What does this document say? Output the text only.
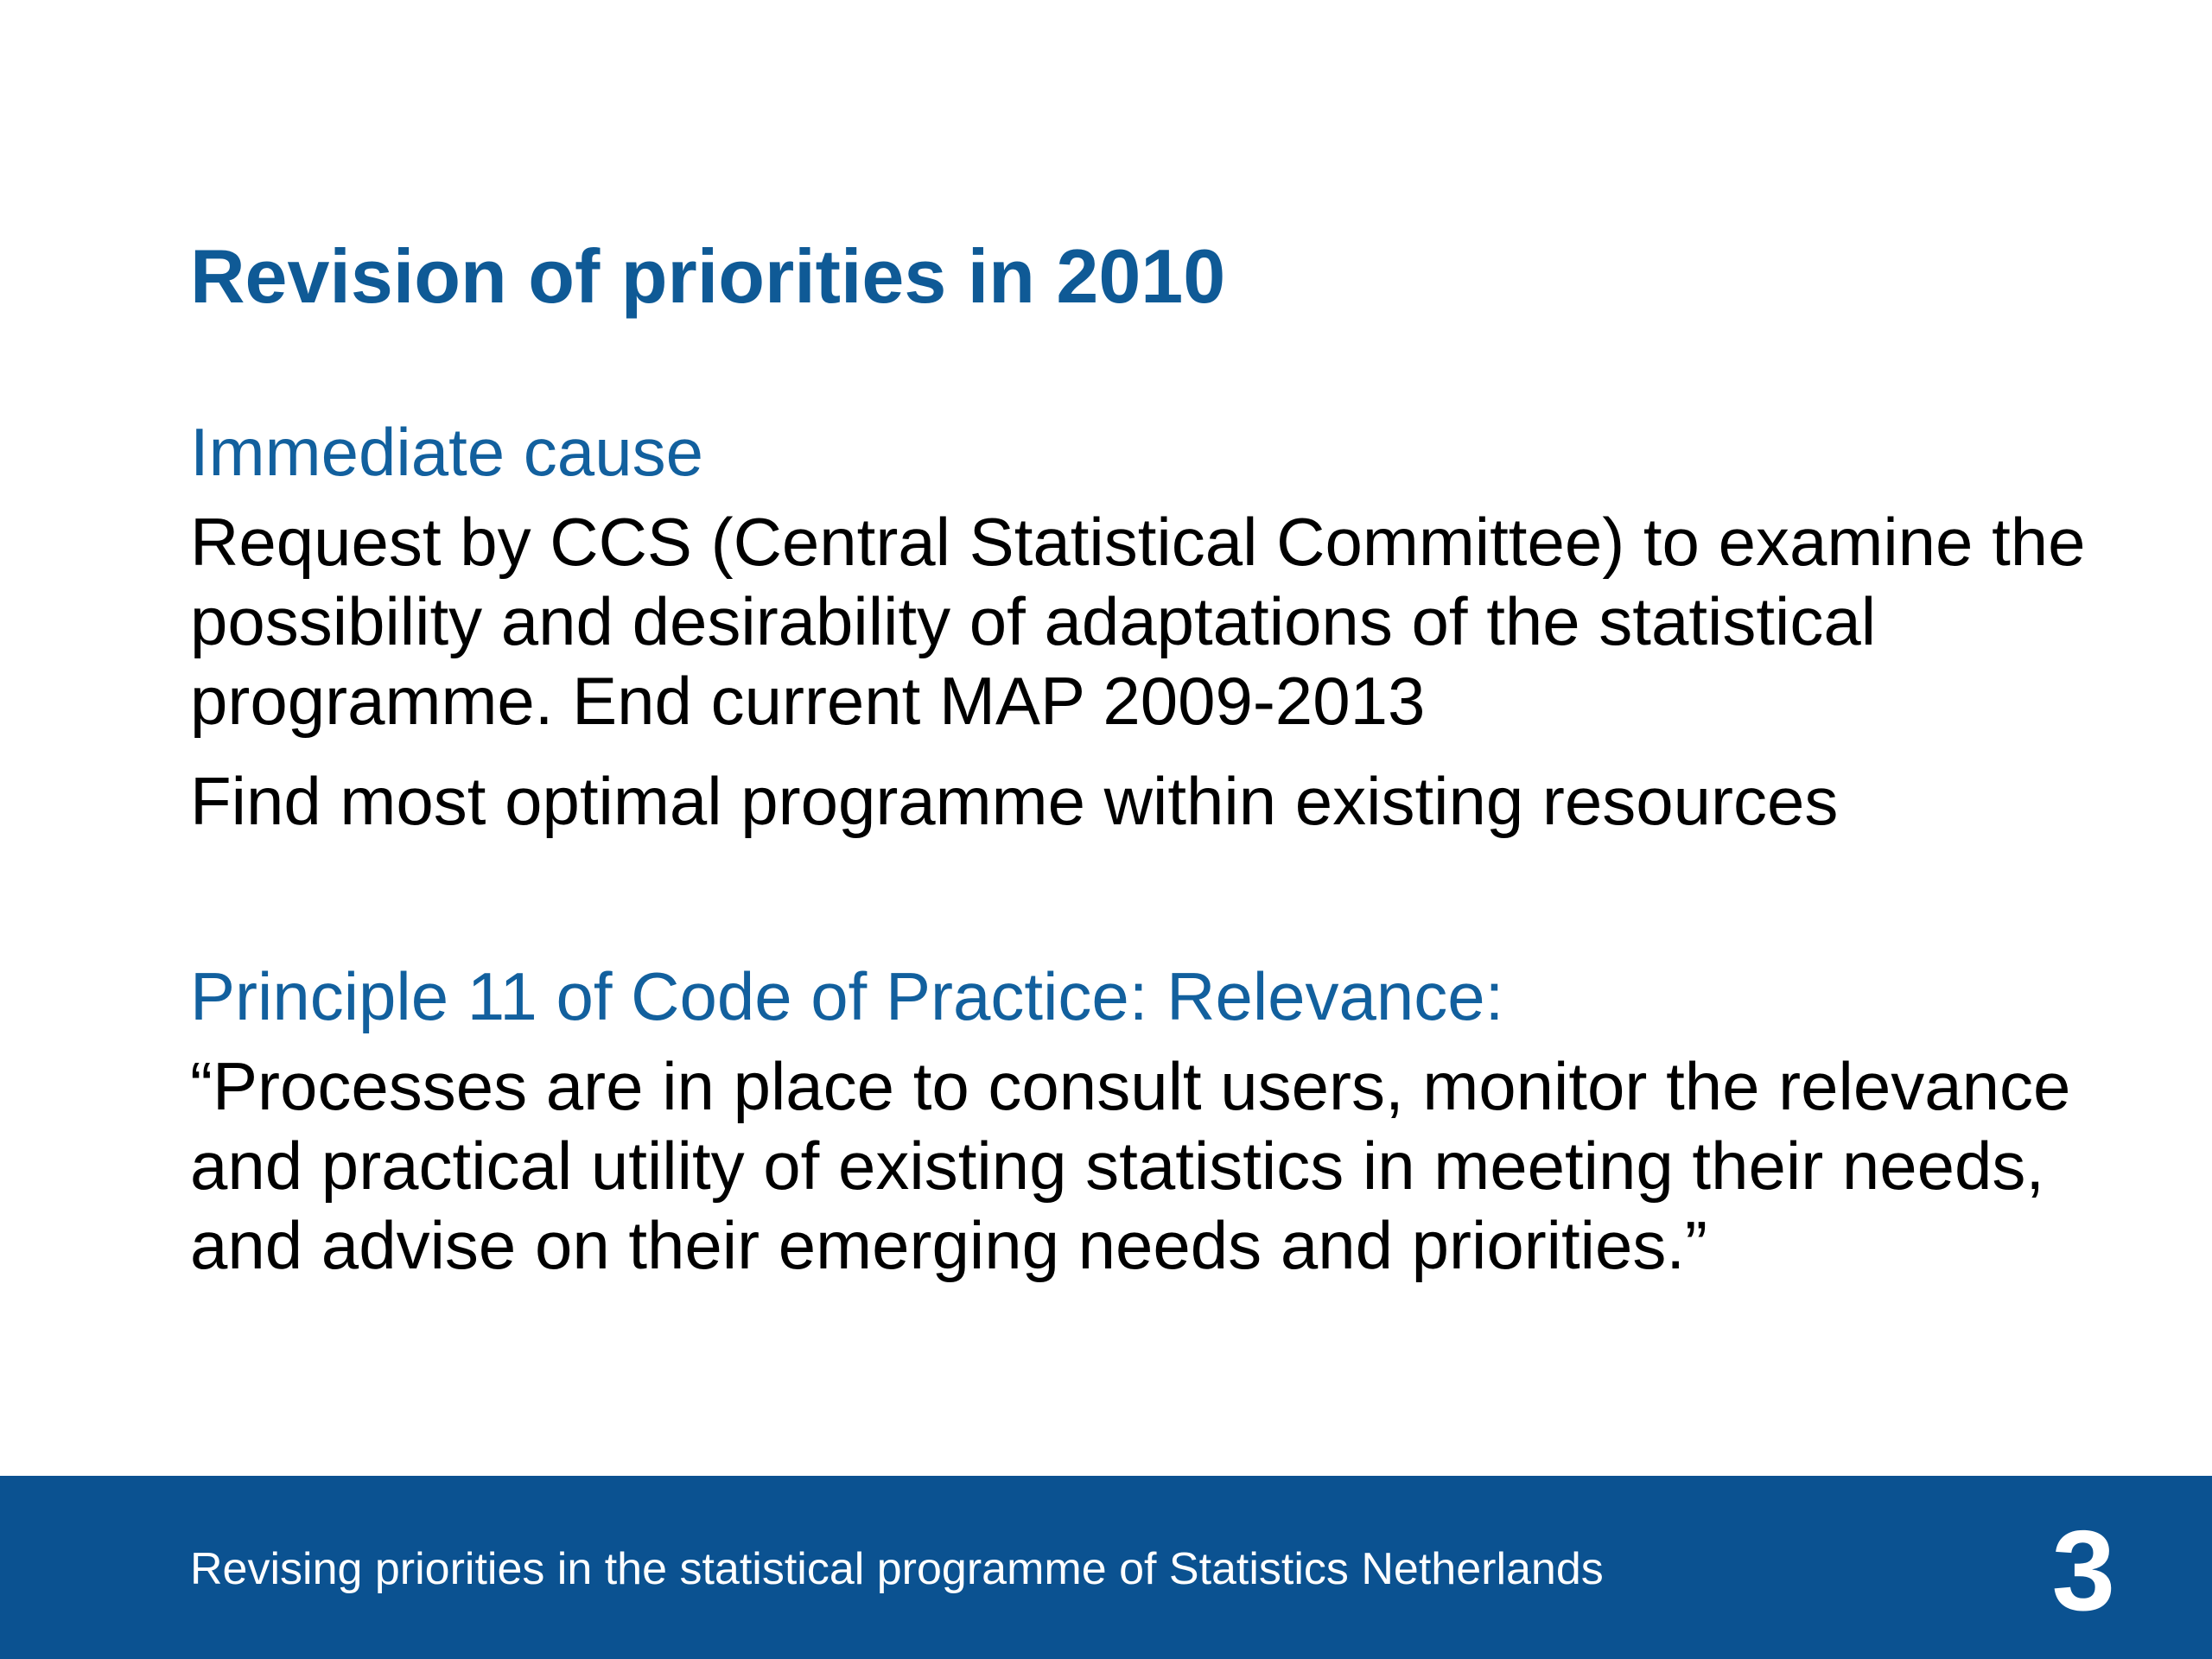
Revision of priorities in 2010
Immediate cause

Request by CCS (Central Statistical Committee) to examine the possibility and desirability of adaptations of the statistical programme. End current MAP 2009-2013

Find most optimal programme within existing resources

Principle 11 of Code of Practice: Relevance:

“Processes are in place to consult users, monitor the relevance and practical utility of existing statistics in meeting their needs, and advise on their emerging needs and priorities.”

Revising priorities in the statistical programme of Statistics Netherlands	3
